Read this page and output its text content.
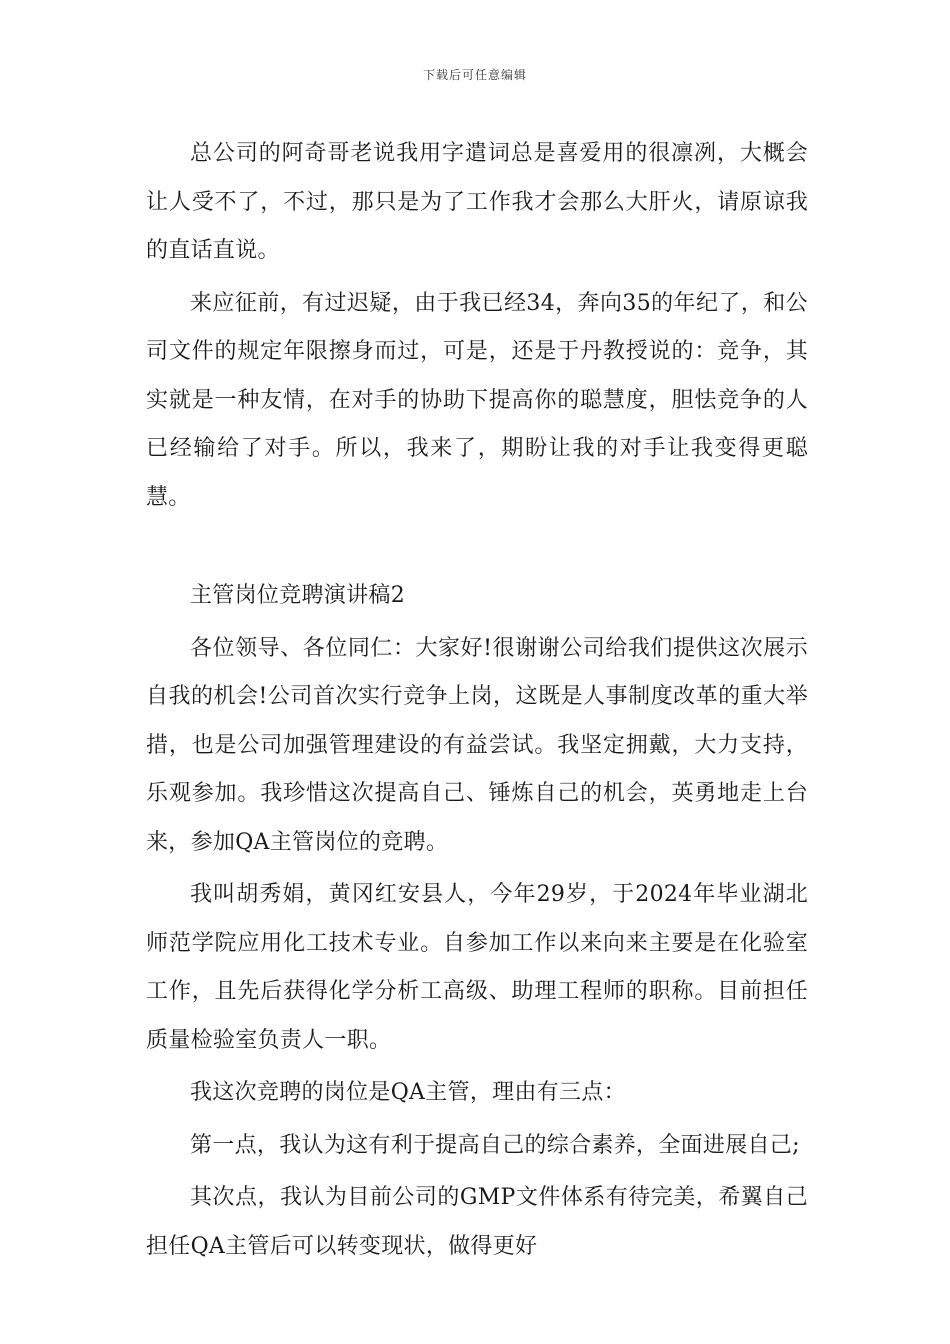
下载后可任意编辑

总公司的阿奇哥老说我用字遣词总是喜爱用的很凛冽，大概会让人受不了，不过，那只是为了工作我才会那么大肝火，请原谅我的直话直说。

来应征前，有过迟疑，由于我已经34，奔向35的年纪了，和公司文件的规定年限擦身而过，可是，还是于丹教授说的：竞争，其实就是一种友情，在对手的协助下提高你的聪慧度，胆怯竞争的人已经输给了对手。所以，我来了，期盼让我的对手让我变得更聪慧。

主管岗位竞聘演讲稿2

各位领导、各位同仁：大家好!很谢谢公司给我们提供这次展示自我的机会!公司首次实行竞争上岗，这既是人事制度改革的重大举措，也是公司加强管理建设的有益尝试。我坚定拥戴，大力支持，乐观参加。我珍惜这次提高自己、锤炼自己的机会，英勇地走上台来，参加QA主管岗位的竞聘。

我叫胡秀娟，黄冈红安县人，今年29岁，于2024年毕业湖北师范学院应用化工技术专业。自参加工作以来向来主要是在化验室工作，且先后获得化学分析工高级、助理工程师的职称。目前担任质量检验室负责人一职。

我这次竞聘的岗位是QA主管，理由有三点：

第一点，我认为这有利于提高自己的综合素养，全面进展自己;

其次点，我认为目前公司的GMP文件体系有待完美，希翼自己担任QA主管后可以转变现状，做得更好
